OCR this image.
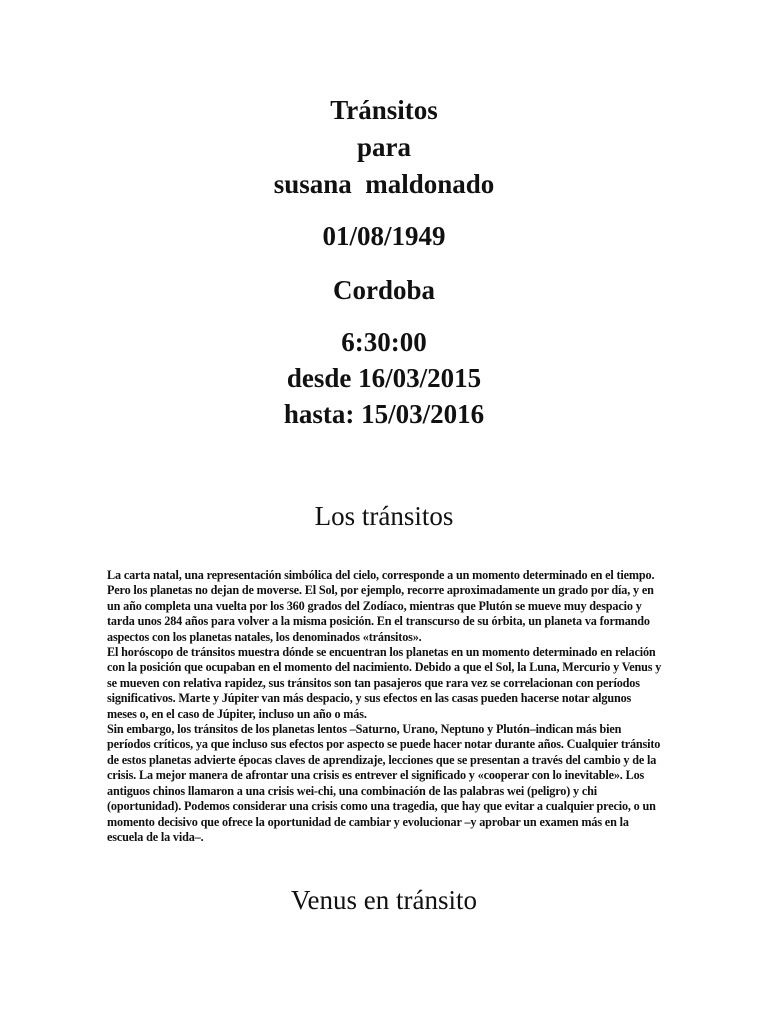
Tránsitos
para
susana  maldonado
01/08/1949
Cordoba
6:30:00
desde 16/03/2015
hasta: 15/03/2016
Los tránsitos

La carta natal, una representación simbólica del cielo, corresponde a un momento determinado en el tiempo. Pero los planetas no dejan de moverse. El Sol, por ejemplo, recorre aproximadamente un grado por día, y en un año completa una vuelta por los 360 grados del Zodíaco, mientras que Plutón se mueve muy despacio y tarda unos 284 años para volver a la misma posición. En el transcurso de su órbita, un planeta va formando aspectos con los planetas natales, los denominados «tránsitos».

El horóscopo de tránsitos muestra dónde se encuentran los planetas en un momento determinado en relación con la posición que ocupaban en el momento del nacimiento. Debido a que el Sol, la Luna, Mercurio y Venus y se mueven con relativa rapidez, sus tránsitos son tan pasajeros que rara vez se correlacionan con períodos significativos. Marte y Júpiter van más despacio, y sus efectos en las casas pueden hacerse notar algunos meses o, en el caso de Júpiter, incluso un año o más.

Sin embargo, los tránsitos de los planetas lentos –Saturno, Urano, Neptuno y Plutón–indican más bien períodos críticos, ya que incluso sus efectos por aspecto se puede hacer notar durante años. Cualquier tránsito de estos planetas advierte épocas claves de aprendizaje, lecciones que se presentan a través del cambio y de la crisis. La mejor manera de afrontar una crisis es entrever el significado y «cooperar con lo inevitable». Los antiguos chinos llamaron a una crisis wei-chi, una combinación de las palabras wei (peligro) y chi (oportunidad). Podemos considerar una crisis como una tragedia, que hay que evitar a cualquier precio, o un momento decisivo que ofrece la oportunidad de cambiar y evolucionar –y aprobar un examen más en la escuela de la vida–.

Venus en tránsito
